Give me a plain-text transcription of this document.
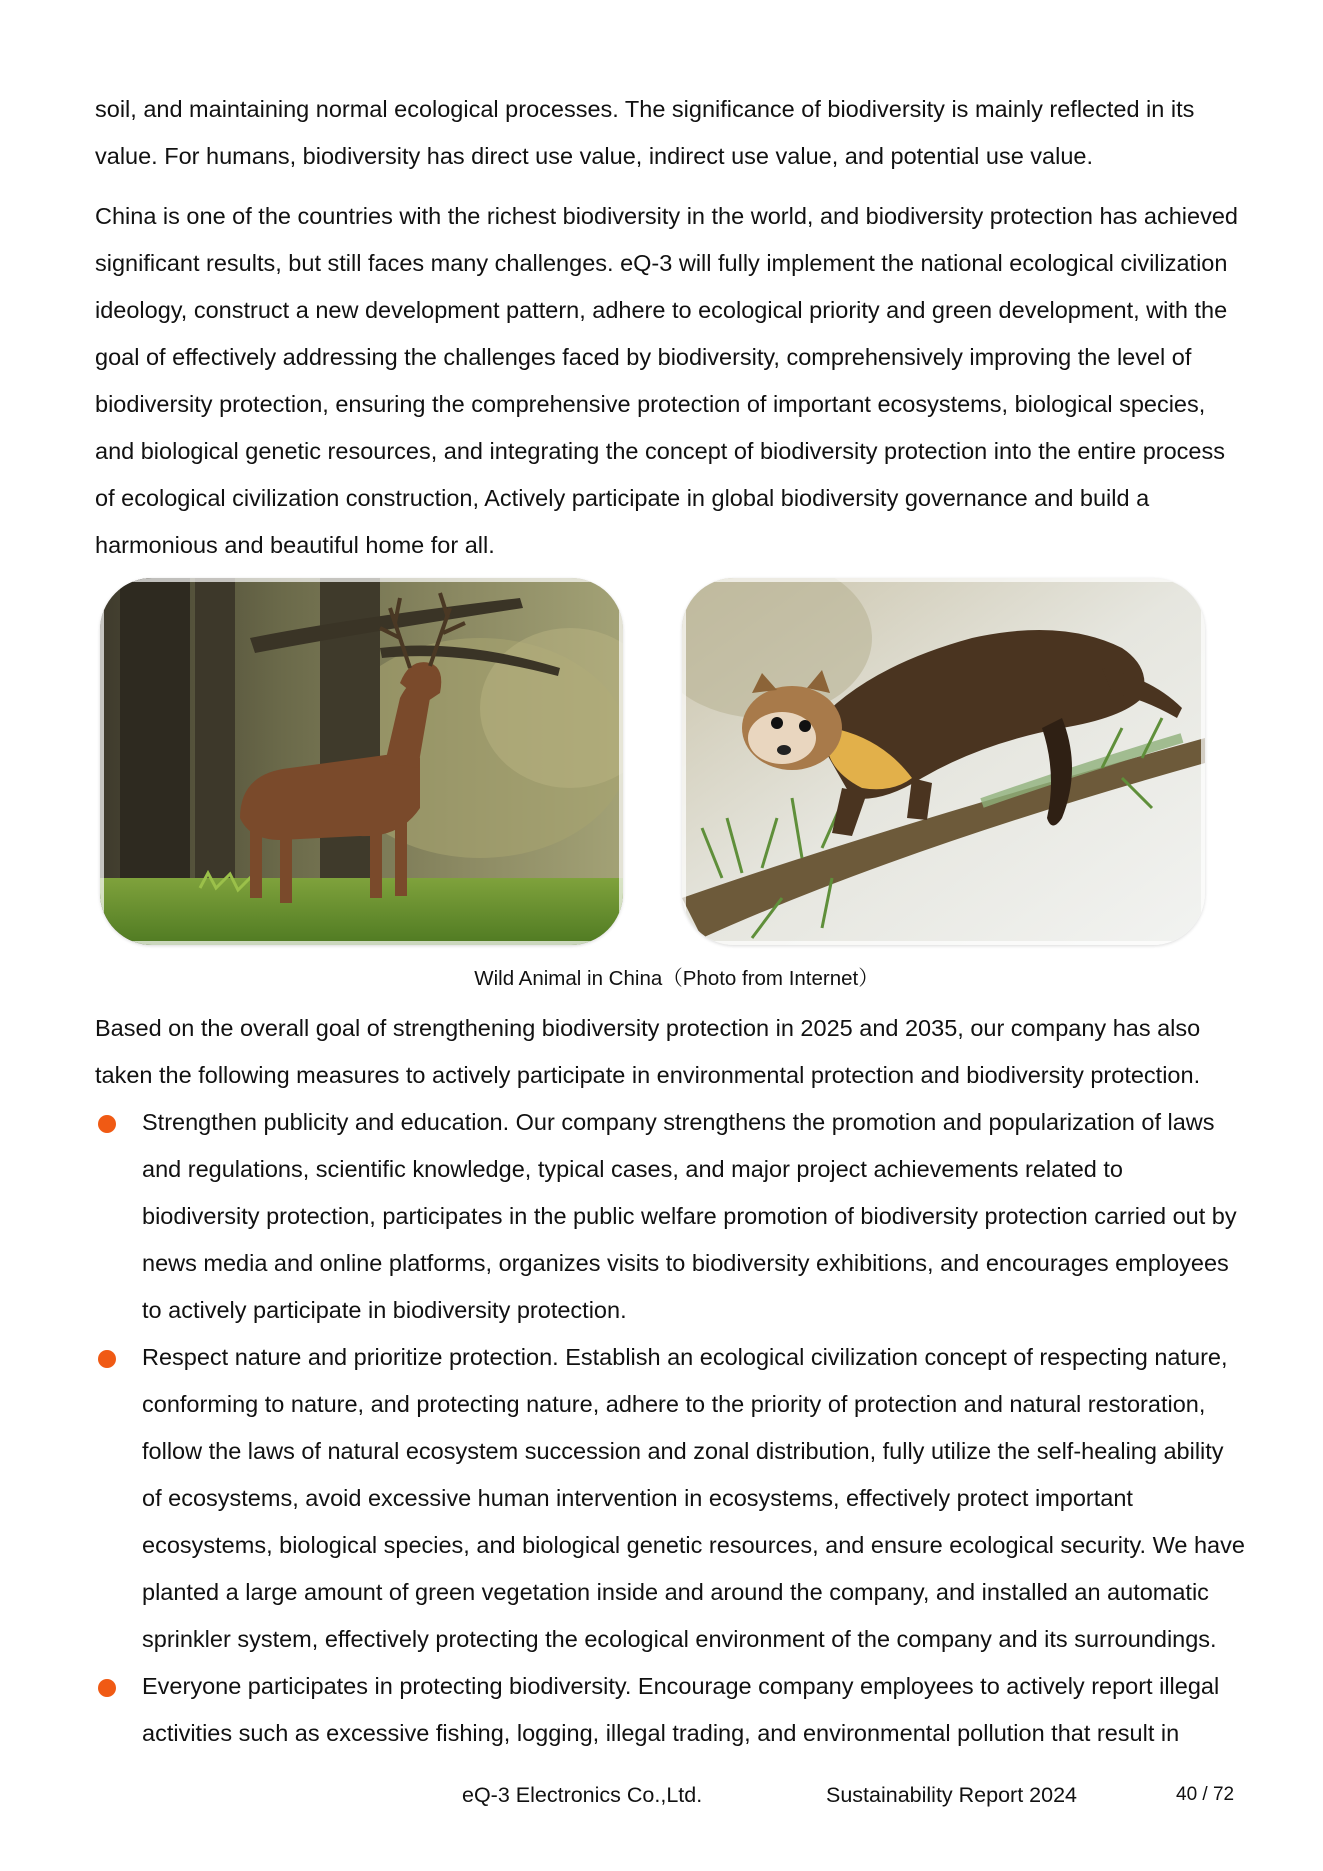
soil, and maintaining normal ecological processes. The significance of biodiversity is mainly reflected in its value. For humans, biodiversity has direct use value, indirect use value, and potential use value.

China is one of the countries with the richest biodiversity in the world, and biodiversity protection has achieved significant results, but still faces many challenges. eQ-3 will fully implement the national ecological civilization ideology, construct a new development pattern, adhere to ecological priority and green development, with the goal of effectively addressing the challenges faced by biodiversity, comprehensively improving the level of biodiversity protection, ensuring the comprehensive protection of important ecosystems, biological species, and biological genetic resources, and integrating the concept of biodiversity protection into the entire process of ecological civilization construction, Actively participate in global biodiversity governance and build a harmonious and beautiful home for all.

Wild Animal in China（Photo from Internet）

Based on the overall goal of strengthening biodiversity protection in 2025 and 2035, our company has also taken the following measures to actively participate in environmental protection and biodiversity protection.

Strengthen publicity and education. Our company strengthens the promotion and popularization of laws and regulations, scientific knowledge, typical cases, and major project achievements related to biodiversity protection, participates in the public welfare promotion of biodiversity protection carried out by news media and online platforms, organizes visits to biodiversity exhibitions, and encourages employees to actively participate in biodiversity protection.
Respect nature and prioritize protection. Establish an ecological civilization concept of respecting nature, conforming to nature, and protecting nature, adhere to the priority of protection and natural restoration, follow the laws of natural ecosystem succession and zonal distribution, fully utilize the self-healing ability of ecosystems, avoid excessive human intervention in ecosystems, effectively protect important ecosystems, biological species, and biological genetic resources, and ensure ecological security. We have planted a large amount of green vegetation inside and around the company, and installed an automatic sprinkler system, effectively protecting the ecological environment of the company and its surroundings.
Everyone participates in protecting biodiversity. Encourage company employees to actively report illegal activities such as excessive fishing, logging, illegal trading, and environmental pollution that result in
eQ-3 Electronics Co.,Ltd.	Sustainability Report 2024	40 / 72
